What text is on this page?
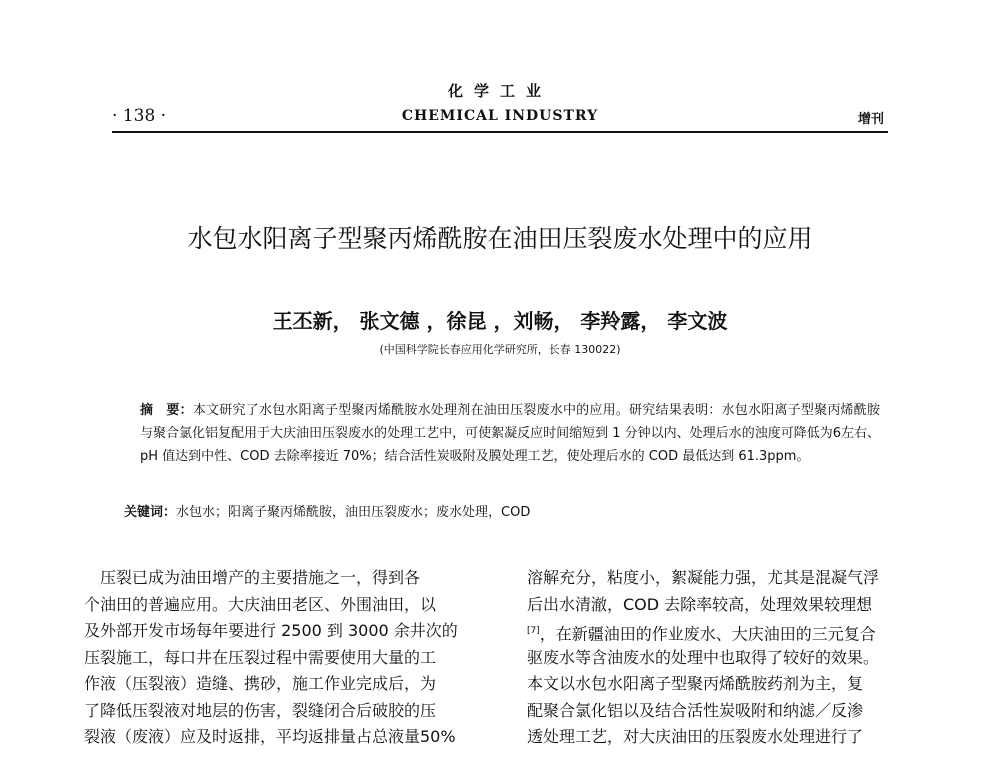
化学工业
· 138 ·	CHEMICAL INDUSTRY	增刊
水包水阳离子型聚丙烯酰胺在油田压裂废水处理中的应用
王丕新， 张文德 ，徐昆 ，刘畅， 李羚露， 李文波
(中国科学院长春应用化学研究所，长春 130022)
摘　要：本文研究了水包水阳离子型聚丙烯酰胺水处理剂在油田压裂废水中的应用。研究结果表明：水包水阳离子型聚丙烯酰胺与聚合氯化铝复配用于大庆油田压裂废水的处理工艺中，可使絮凝反应时间缩短到 1 分钟以内、处理后水的浊度可降低为6左右、pH 值达到中性、COD 去除率接近 70%；结合活性炭吸附及膜处理工艺，使处理后水的 COD 最低达到 61.3ppm。
关键词：水包水；阳离子聚丙烯酰胺，油田压裂废水；废水处理，COD
　压裂已成为油田增产的主要措施之一，得到各
个油田的普遍应用。大庆油田老区、外围油田，以
及外部开发市场每年要进行 2500 到 3000 余井次的
压裂施工，每口井在压裂过程中需要使用大量的工
作液（压裂液）造缝、携砂，施工作业完成后，为
了降低压裂液对地层的伤害，裂缝闭合后破胶的压
裂液（废液）应及时返排，平均返排量占总液量50%
溶解充分，粘度小，絮凝能力强，尤其是混凝气浮
后出水清澈，COD 去除率较高，处理效果较理想
[7]，在新疆油田的作业废水、大庆油田的三元复合
驱废水等含油废水的处理中也取得了较好的效果。
本文以水包水阳离子型聚丙烯酰胺药剂为主，复
配聚合氯化铝以及结合活性炭吸附和纳滤／反渗
透处理工艺，对大庆油田的压裂废水处理进行了
